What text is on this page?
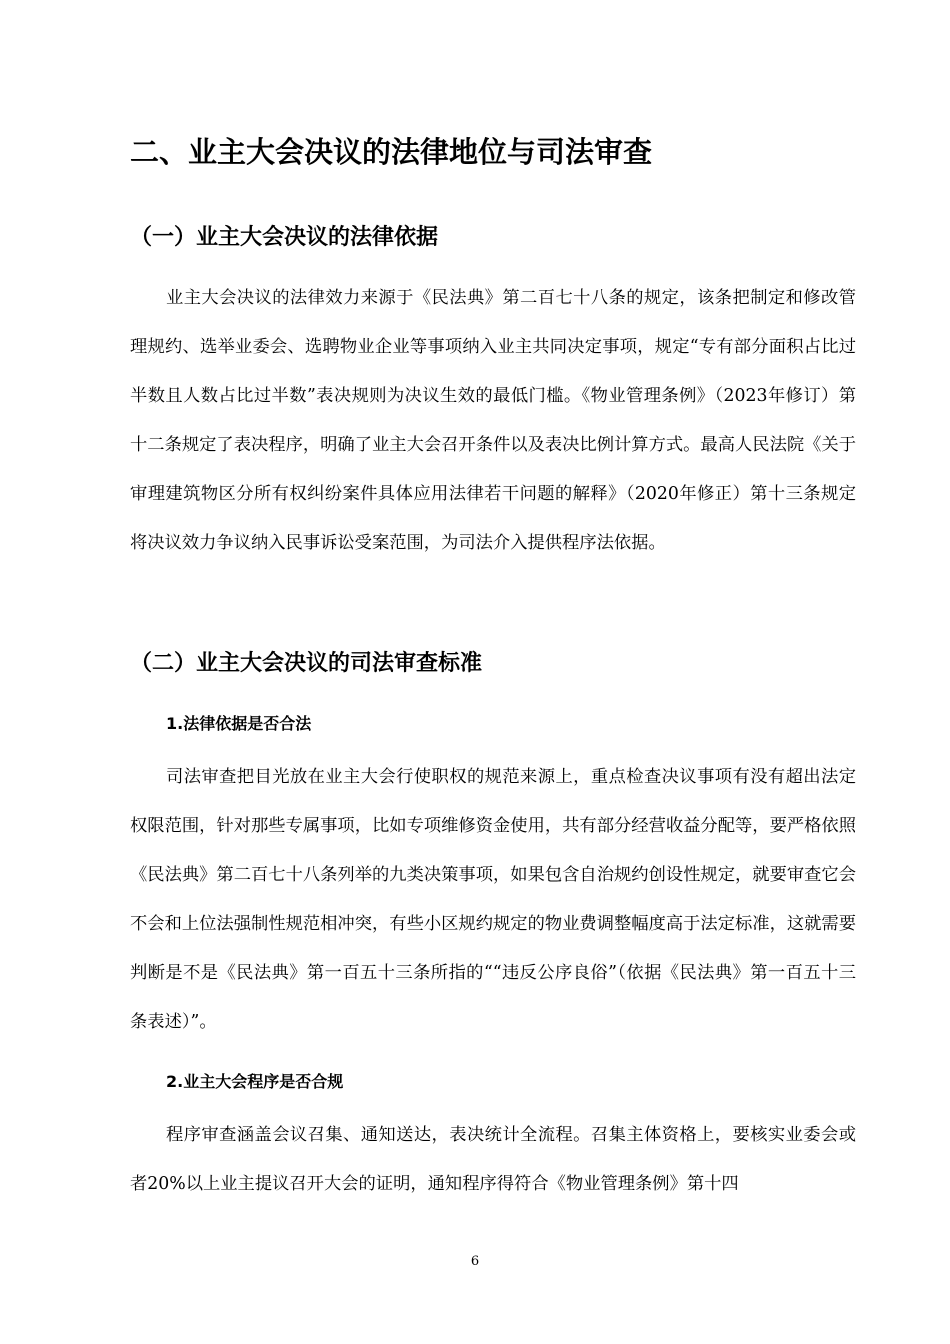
二、业主大会决议的法律地位与司法审查
（一）业主大会决议的法律依据

业主大会决议的法律效力来源于《民法典》第二百七十八条的规定，该条把制定和修改管理规约、选举业委会、选聘物业企业等事项纳入业主共同决定事项，规定“专有部分面积占比过半数且人数占比过半数”表决规则为决议生效的最低门槛。《物业管理条例》（2023年修订）第十二条规定了表决程序，明确了业主大会召开条件以及表决比例计算方式。最高人民法院《关于审理建筑物区分所有权纠纷案件具体应用法律若干问题的解释》（2020年修正）第十三条规定将决议效力争议纳入民事诉讼受案范围，为司法介入提供程序法依据。

（二）业主大会决议的司法审查标准
1.法律依据是否合法

司法审查把目光放在业主大会行使职权的规范来源上，重点检查决议事项有没有超出法定权限范围，针对那些专属事项，比如专项维修资金使用，共有部分经营收益分配等，要严格依照《民法典》第二百七十八条列举的九类决策事项，如果包含自治规约创设性规定，就要审查它会不会和上位法强制性规范相冲突，有些小区规约规定的物业费调整幅度高于法定标准，这就需要判断是不是《民法典》第一百五十三条所指的““违反公序良俗”（依据《民法典》第一百五十三条表述）”。

2.业主大会程序是否合规

程序审查涵盖会议召集、通知送达，表决统计全流程。召集主体资格上，要核实业委会或者20%以上业主提议召开大会的证明，通知程序得符合《物业管理条例》第十四

6
